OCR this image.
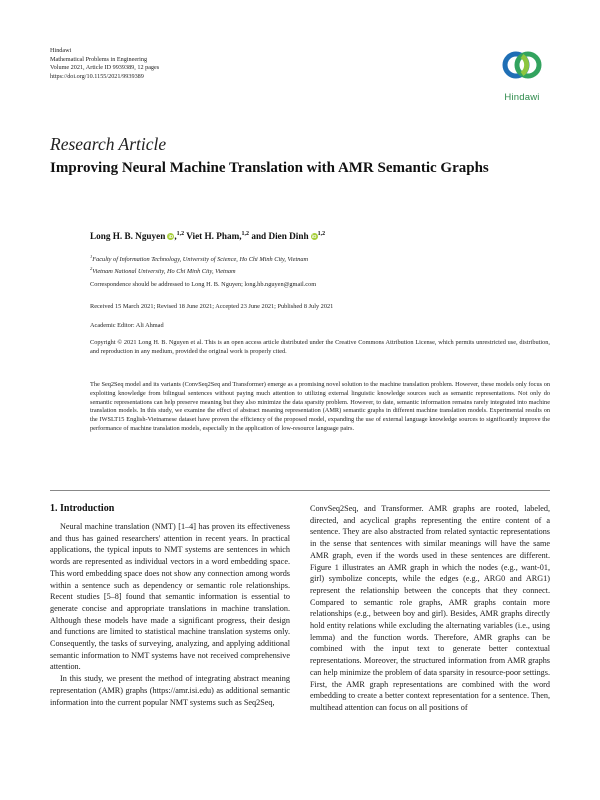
Hindawi
Mathematical Problems in Engineering
Volume 2021, Article ID 9939389, 12 pages
https://doi.org/10.1155/2021/9939389
Hindawi
Research Article
Improving Neural Machine Translation with AMR Semantic Graphs
Long H. B. Nguyen iD,$^{1,2}$ Viet H. Pham,$^{1,2}$ and Dien Dinh iD$^{1,2}$
$^1$Faculty of Information Technology, University of Science, Ho Chi Minh City, Vietnam
$^2$Vietnam National University, Ho Chi Minh City, Vietnam
Correspondence should be addressed to Long H. B. Nguyen; long.hb.nguyen@gmail.com
Received 15 March 2021; Revised 18 June 2021; Accepted 23 June 2021; Published 8 July 2021
Academic Editor: Ali Ahmad
Copyright © 2021 Long H. B. Nguyen et al. This is an open access article distributed under the Creative Commons Attribution License, which permits unrestricted use, distribution, and reproduction in any medium, provided the original work is properly cited.
The Seq2Seq model and its variants (ConvSeq2Seq and Transformer) emerge as a promising novel solution to the machine translation problem. However, these models only focus on exploiting knowledge from bilingual sentences without paying much attention to utilizing external linguistic knowledge sources such as semantic representations. Not only do semantic representations can help preserve meaning but they also minimize the data sparsity problem. However, to date, semantic information remains rarely integrated into machine translation models. In this study, we examine the effect of abstract meaning representation (AMR) semantic graphs in different machine translation models. Experimental results on the IWSLT15 English-Vietnamese dataset have proven the efficiency of the proposed model, expanding the use of external language knowledge sources to significantly improve the performance of machine translation models, especially in the application of low-resource language pairs.
1. Introduction

Neural machine translation (NMT) [1–4] has proven its effectiveness and thus has gained researchers' attention in recent years. In practical applications, the typical inputs to NMT systems are sentences in which words are represented as individual vectors in a word embedding space. This word embedding space does not show any connection among words within a sentence such as dependency or semantic role relationships. Recent studies [5–8] found that semantic information is essential to generate concise and appropriate translations in machine translation. Although these models have made a significant progress, their design and functions are limited to statistical machine translation systems only. Consequently, the tasks of surveying, analyzing, and applying additional semantic information to NMT systems have not received comprehensive attention.

In this study, we present the method of integrating abstract meaning representation (AMR) graphs (https://amr.isi.edu) as additional semantic information into the current popular NMT systems such as Seq2Seq,

ConvSeq2Seq, and Transformer. AMR graphs are rooted, labeled, directed, and acyclical graphs representing the entire content of a sentence. They are also abstracted from related syntactic representations in the sense that sentences with similar meanings will have the same AMR graph, even if the words used in these sentences are different. Figure 1 illustrates an AMR graph in which the nodes (e.g., want-01, girl) symbolize concepts, while the edges (e.g., ARG0 and ARG1) represent the relationship between the concepts that they connect. Compared to semantic role graphs, AMR graphs contain more relationships (e.g., between boy and girl). Besides, AMR graphs directly hold entity relations while excluding the alternating variables (i.e., using lemma) and the function words. Therefore, AMR graphs can be combined with the input text to generate better contextual representations. Moreover, the structured information from AMR graphs can help minimize the problem of data sparsity in resource-poor settings. First, the AMR graph representations are combined with the word embedding to create a better context representation for a sentence. Then, multihead attention can focus on all positions of
